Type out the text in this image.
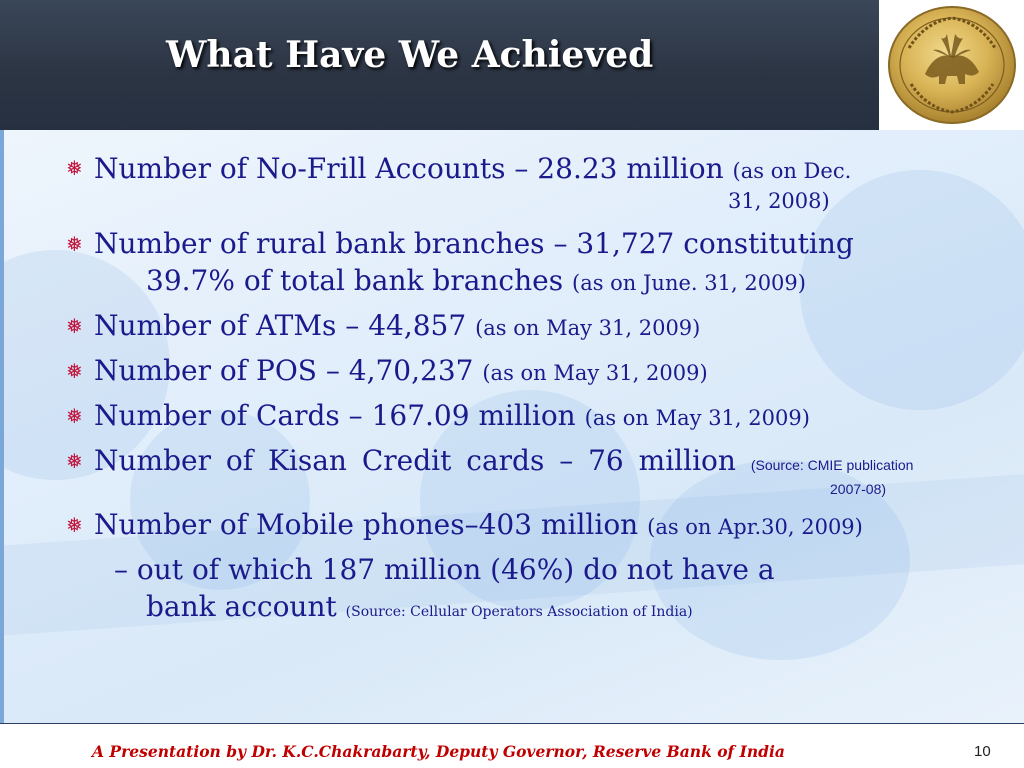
What Have We Achieved
❅ Number of No-Frill Accounts – 28.23 million (as on Dec.
31, 2008)
❅ Number of rural bank branches – 31,727 constituting
39.7% of total bank branches (as on June. 31, 2009)
❅ Number of ATMs – 44,857 (as on May 31, 2009)
❅ Number of POS – 4,70,237 (as on May 31, 2009)
❅ Number of Cards – 167.09 million (as on May 31, 2009)
❅ Number of Kisan Credit cards – 76 million (Source: CMIE publication
2007-08)
❅ Number of Mobile phones–403 million (as on Apr.30, 2009)
– out of which 187 million (46%) do not have a
bank account (Source: Cellular Operators Association of India)
A Presentation by Dr. K.C.Chakrabarty, Deputy Governor, Reserve Bank of India	10
